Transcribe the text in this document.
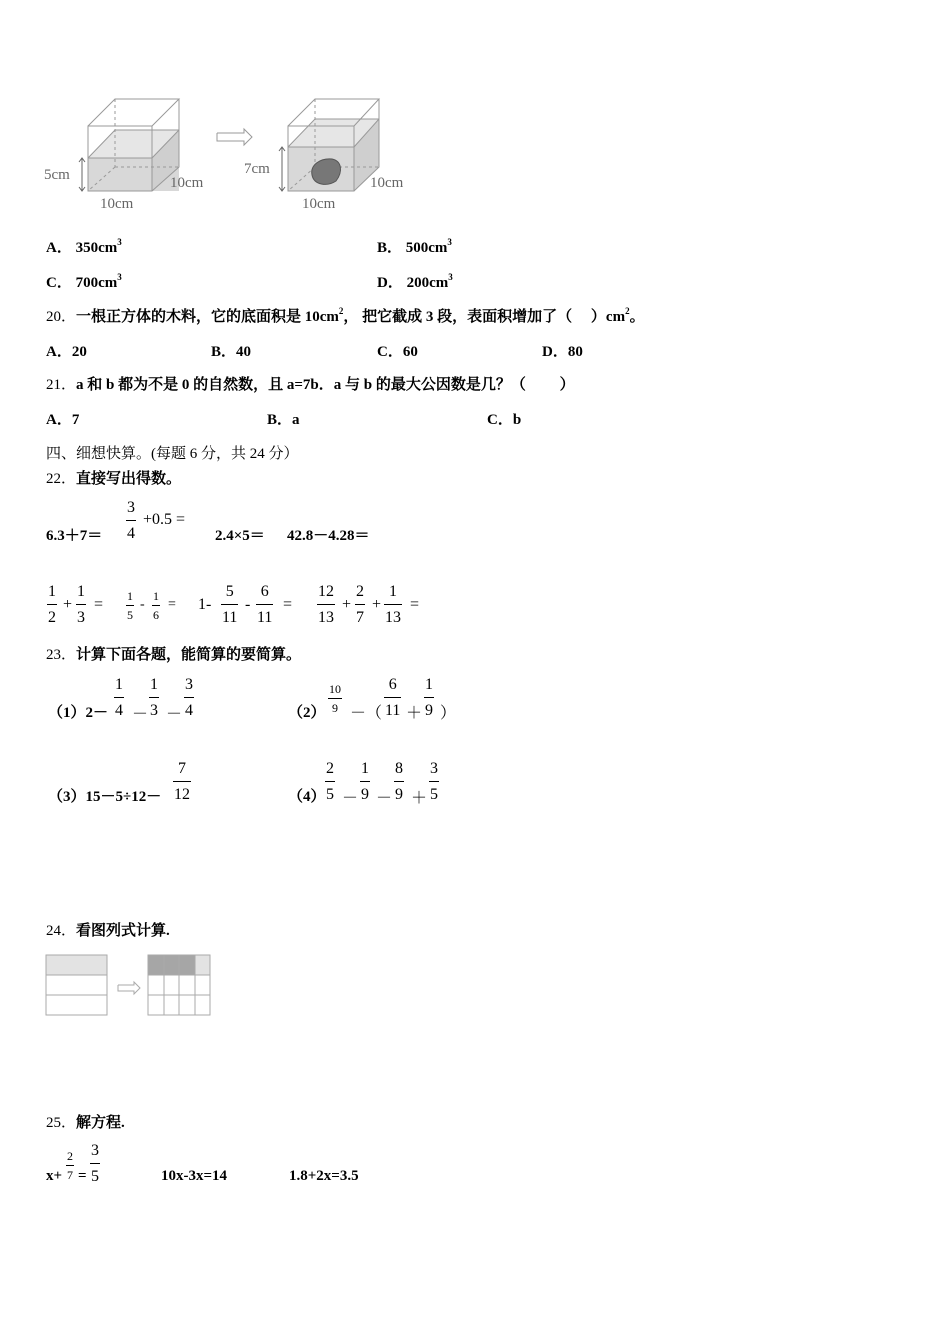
5cm
10cm
10cm
7cm
10cm
10cm
A． $350cm^3$	B． $500cm^3$
C． $700cm^3$	D． $200cm^3$
20．一根正方体的木料，它的底面积是 $10cm^2$， 把它截成 3 段，表面积增加了（　 ）$cm^2$。
A．20	B．40	C．60	D．80
21．a 和 b 都为不是 0 的自然数，且 a=7b．a 与 b 的最大公因数是几？（　　 ）
A．7	B．a	C．b
四、细想快算。(每题 6 分，共 24 分）
22．直接写出得数。
6.3＋7＝
3
4
+0.5 =
2.4×5＝ 42.8－4.28＝
1
2
+
1
3
= 1
5
-
1
6
= 1-
5
11
-
6
11
=
12
13
+
2
7
+
1
13
=
23．计算下面各题，能简算的要简算。
（1）2－
1
4 －
1
3 －
3
4	（2）
10
9 －（
6
11 ＋
1
9 ）
（3）15－5÷12－
7
12	（4）
2
5 －
1
9 －
8
9 ＋
3
5
24．看图列式计算.
25．解方程.
x+
2
7 =
3
5	10x-3x=14	1.8+2x=3.5
